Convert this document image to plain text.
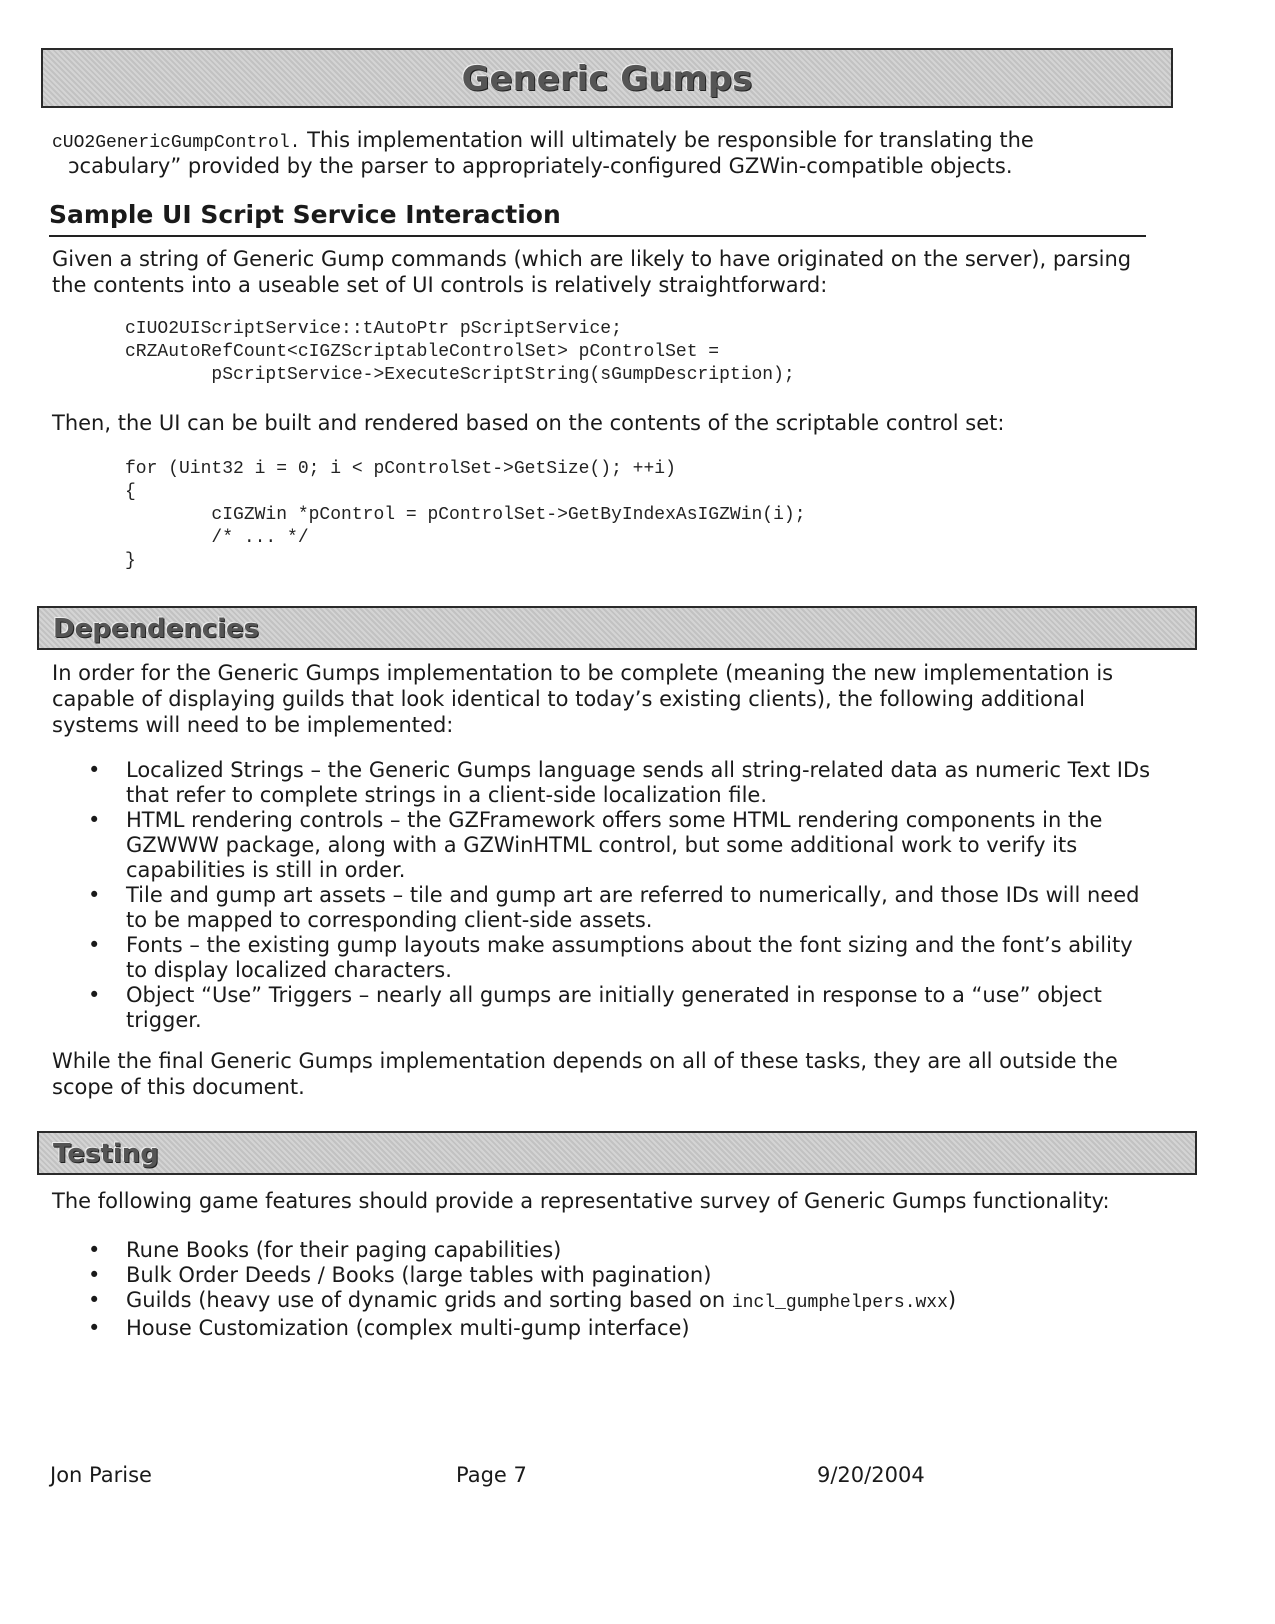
Generic Gumps
cUO2GenericGumpControl. This implementation will ultimately be responsible for translating the
ɔcabulary” provided by the parser to appropriately-configured GZWin-compatible objects.
Sample UI Script Service Interaction
Given a string of Generic Gump commands (which are likely to have originated on the server), parsing the contents into a useable set of UI controls is relatively straightforward:
cIUO2UIScriptService::tAutoPtr pScriptService;
cRZAutoRefCount<cIGZScriptableControlSet> pControlSet =
pScriptService->ExecuteScriptString(sGumpDescription);
Then, the UI can be built and rendered based on the contents of the scriptable control set:
for (Uint32 i = 0; i < pControlSet->GetSize(); ++i)
{
cIGZWin *pControl = pControlSet->GetByIndexAsIGZWin(i);
/* ... */
}
Dependencies
In order for the Generic Gumps implementation to be complete (meaning the new implementation is capable of displaying guilds that look identical to today’s existing clients), the following additional systems will need to be implemented:
• Localized Strings – the Generic Gumps language sends all string-related data as numeric Text IDs that refer to complete strings in a client-side localization file.
• HTML rendering controls – the GZFramework offers some HTML rendering components in the GZWWW package, along with a GZWinHTML control, but some additional work to verify its capabilities is still in order.
• Tile and gump art assets – tile and gump art are referred to numerically, and those IDs will need to be mapped to corresponding client-side assets.
• Fonts – the existing gump layouts make assumptions about the font sizing and the font’s ability to display localized characters.
• Object “Use” Triggers – nearly all gumps are initially generated in response to a “use” object trigger.
While the final Generic Gumps implementation depends on all of these tasks, they are all outside the scope of this document.
Testing
The following game features should provide a representative survey of Generic Gumps functionality:
• Rune Books (for their paging capabilities)
• Bulk Order Deeds / Books (large tables with pagination)
• Guilds (heavy use of dynamic grids and sorting based on incl_gumphelpers.wxx)
• House Customization (complex multi-gump interface)
Jon Parise	Page 7	9/20/2004
